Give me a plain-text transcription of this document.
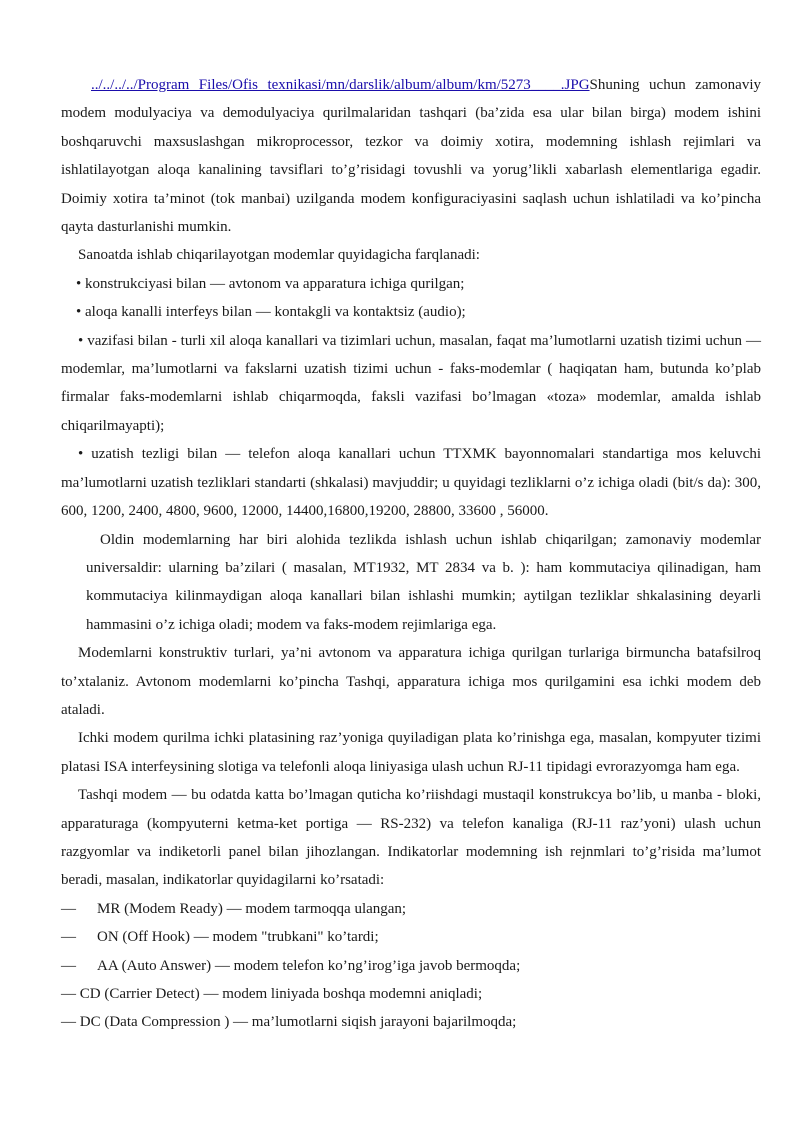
../../../../Program Files/Ofis texnikasi/mn/darslik/album/album/km/5273____.JPGShuning uchun zamonaviy modem modulyaciya va demodulyaciya qurilmalaridan tashqari (ba’zida esa ular bilan birga) modem ishini boshqaruvchi maxsuslashgan mikroprocessor, tezkor va doimiy xotira, modemning ishlash rejimlari va ishlatilayotgan aloqa kanalining tavsiflari to’g’risidagi tovushli va yorug’likli xabarlash elementlariga egadir. Doimiy xotira ta’minot (tok manbai) uzilganda modem konfiguraciyasini saqlash uchun ishlatiladi va ko’pincha qayta dasturlanishi mumkin.

Sanoatda ishlab chiqarilayotgan modemlar quyidagicha farqlanadi:

• konstrukciyasi bilan — avtonom va apparatura ichiga qurilgan;

• aloqa kanalli interfeys bilan — kontakgli va kontaktsiz (audio);

• vazifasi bilan - turli xil aloqa kanallari va tizimlari uchun, masalan, faqat ma’lumotlarni uzatish tizimi uchun — modemlar, ma’lumotlarni va fakslarni uzatish tizimi uchun - faks-modemlar ( haqiqatan ham, butunda ko’plab firmalar faks-modemlarni ishlab chiqarmoqda, faksli vazifasi bo’lmagan «toza» modemlar, amalda ishlab chiqarilmayapti);

• uzatish tezligi bilan — telefon aloqa kanallari uchun TTXMK bayonnomalari standartiga mos keluvchi ma’lumotlarni uzatish tezliklari standarti (shkalasi) mavjuddir; u quyidagi tezliklarni o’z ichiga oladi (bit/s da): 300, 600, 1200, 2400, 4800, 9600, 12000, 14400,16800,19200, 28800, 33600 , 56000.

Oldin modemlarning har biri alohida tezlikda ishlash uchun ishlab chiqarilgan; zamonaviy modemlar universaldir: ularning ba’zilari ( masalan, MT1932, MT 2834 va b. ): ham kommutaciya qilinadigan, ham kommutaciya kilinmaydigan aloqa kanallari bilan ishlashi mumkin; aytilgan tezliklar shkalasining deyarli hammasini o’z ichiga oladi; modem va faks-modem rejimlariga ega.

Modemlarni konstruktiv turlari, ya’ni avtonom va apparatura ichiga qurilgan turlariga birmuncha batafsilroq to’xtalaniz. Avtonom modemlarni ko’pincha Tashqi, apparatura ichiga mos qurilgamini esa ichki modem deb ataladi.

Ichki modem qurilma ichki platasining raz’yoniga quyiladigan plata ko’rinishga ega, masalan, kompyuter tizimi platasi ISA interfeysining slotiga va telefonli aloqa liniyasiga ulash uchun RJ-11 tipidagi evrorazyomga ham ega.

Tashqi modem — bu odatda katta bo’lmagan qutichа ko’riishdagi mustaqil konstrukcya bo’lib, u manba - bloki, apparaturaga (kompyuterni ketma-ket portiga — RS-232) va telefon kanaliga (RJ-11 raz’yoni) ulash uchun razgyomlar va indiketorli panel bilan jihozlangan. Indikatorlar modemning ish rejnmlari to’g’risida ma’lumot beradi, masalan, indikatorlar quyidagilarni ko’rsatadi:

—	MR (Modem Ready) — modem tarmoqqa ulangan;
—	ON (Off Hook) — modem "trubkani" ko’tardi;
—	AA (Auto Answer) — modem telefon ko’ng’irog’iga javob bermoqda;

— CD (Carrier Detect) — modem liniyada boshqa modemni aniqladi;

— DC (Data Compression ) — ma’lumotlarni siqish jarayoni bajarilmoqda;
